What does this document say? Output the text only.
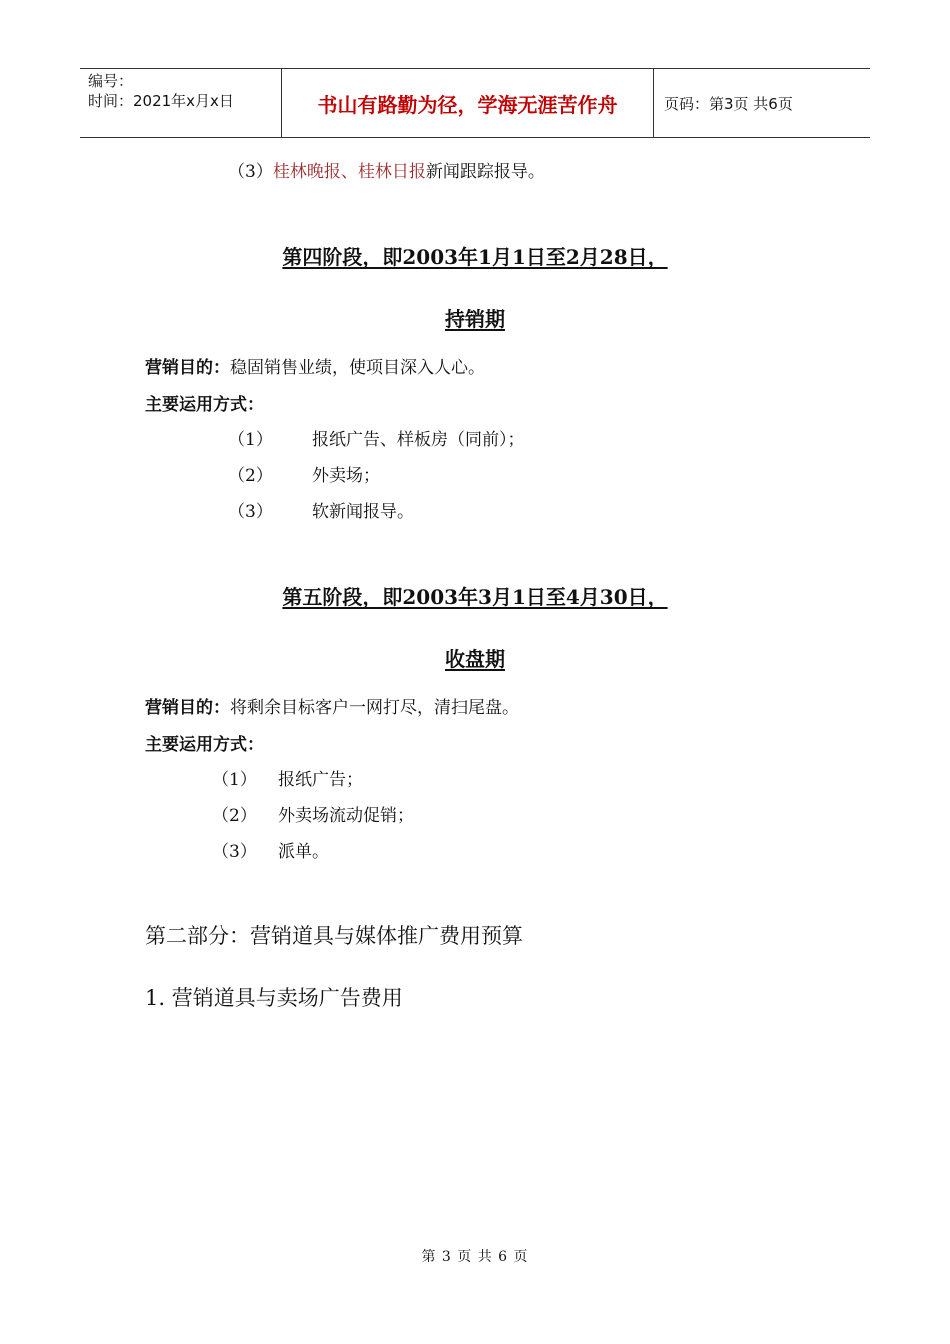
编号：
时间：2021年x月x日	书山有路勤为径，学海无涯苦作舟	页码：第3页 共6页
（3）桂林晚报、桂林日报新闻跟踪报导。
第四阶段，即2003年1月1日至2月28日，
持销期
营销目的：稳固销售业绩，使项目深入人心。
主要运用方式：
（1） 报纸广告、样板房（同前）；
（2） 外卖场；
（3） 软新闻报导。
第五阶段，即2003年3月1日至4月30日，
收盘期
营销目的：将剩余目标客户一网打尽，清扫尾盘。
主要运用方式：
（1） 报纸广告；
（2） 外卖场流动促销；
（3） 派单。
第二部分：营销道具与媒体推广费用预算
1. 营销道具与卖场广告费用
第 3 页 共 6 页
